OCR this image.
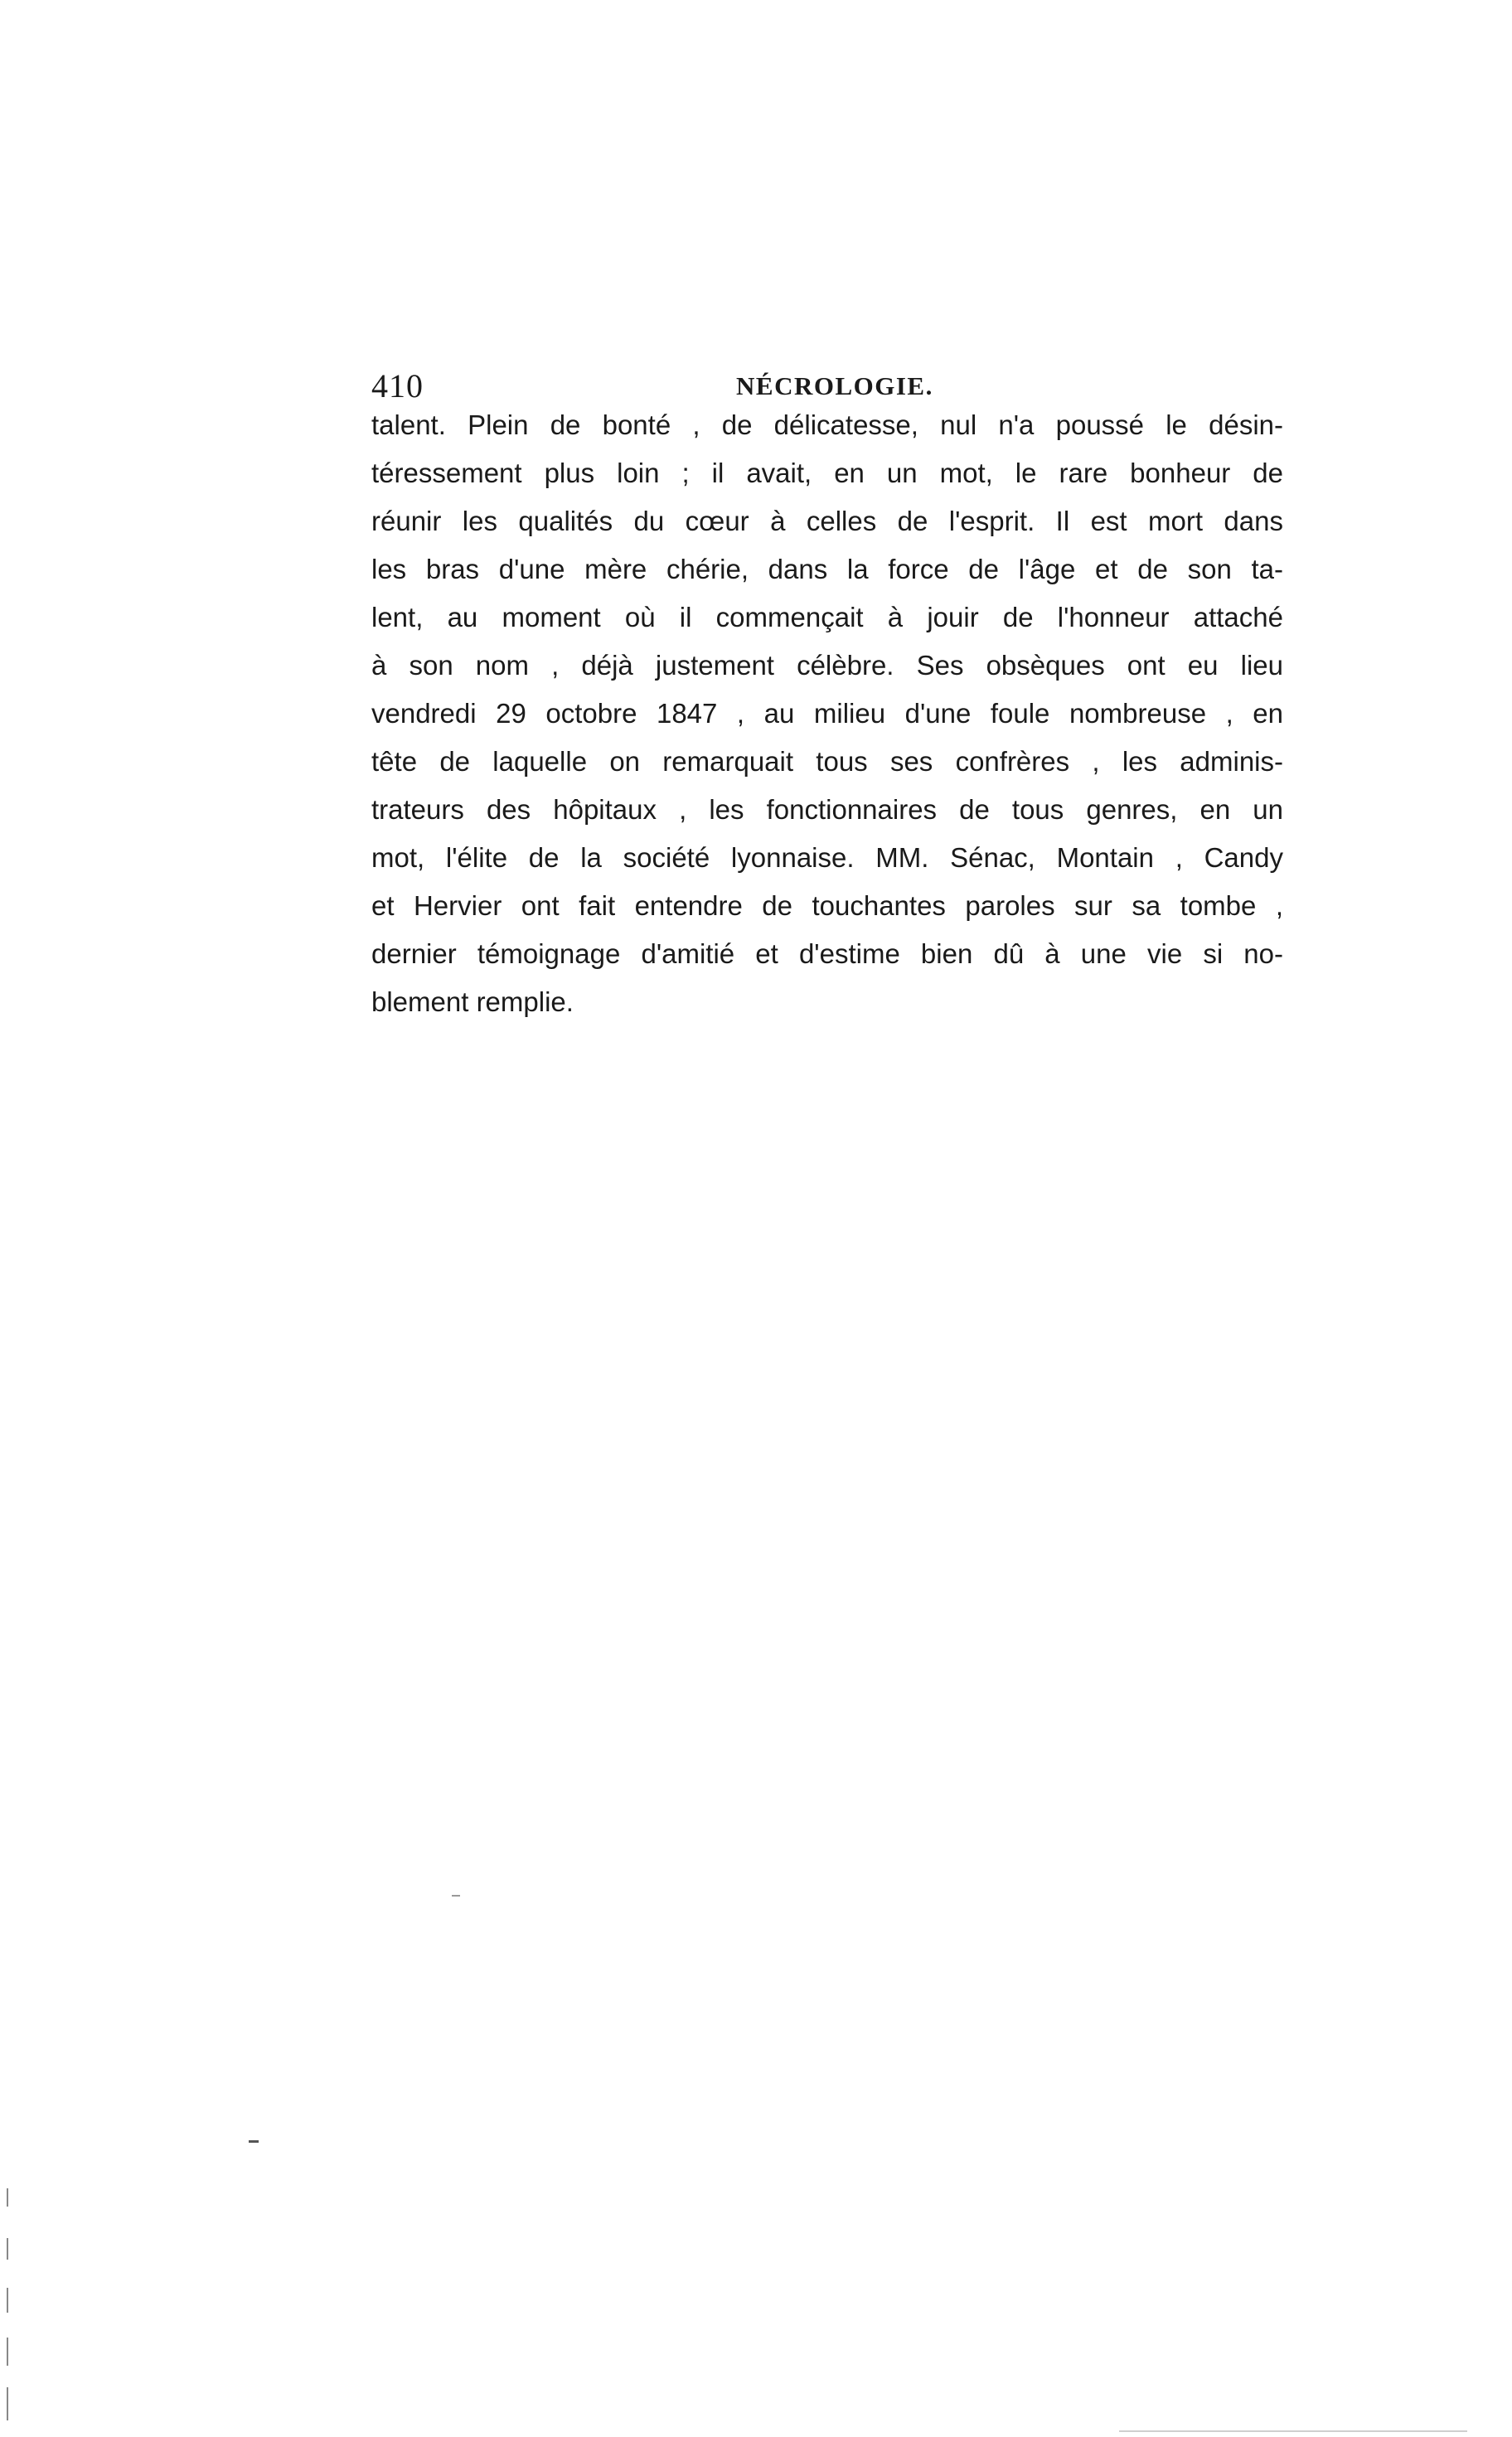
410	NÉCROLOGIE.
talent. Plein de bonté , de délicatesse, nul n'a poussé le désin-
téressement plus loin ; il avait, en un mot, le rare bonheur de
réunir les qualités du cœur à celles de l'esprit. Il est mort dans
les bras d'une mère chérie, dans la force de l'âge et de son ta-
lent, au moment où il commençait à jouir de l'honneur attaché
à son nom , déjà justement célèbre. Ses obsèques ont eu lieu
vendredi 29 octobre 1847 , au milieu d'une foule nombreuse , en
tête de laquelle on remarquait tous ses confrères , les adminis-
trateurs des hôpitaux , les fonctionnaires de tous genres, en un
mot, l'élite de la société lyonnaise. MM. Sénac, Montain , Candy
et Hervier ont fait entendre de touchantes paroles sur sa tombe ,
dernier témoignage d'amitié et d'estime bien dû à une vie si no-
blement remplie.
